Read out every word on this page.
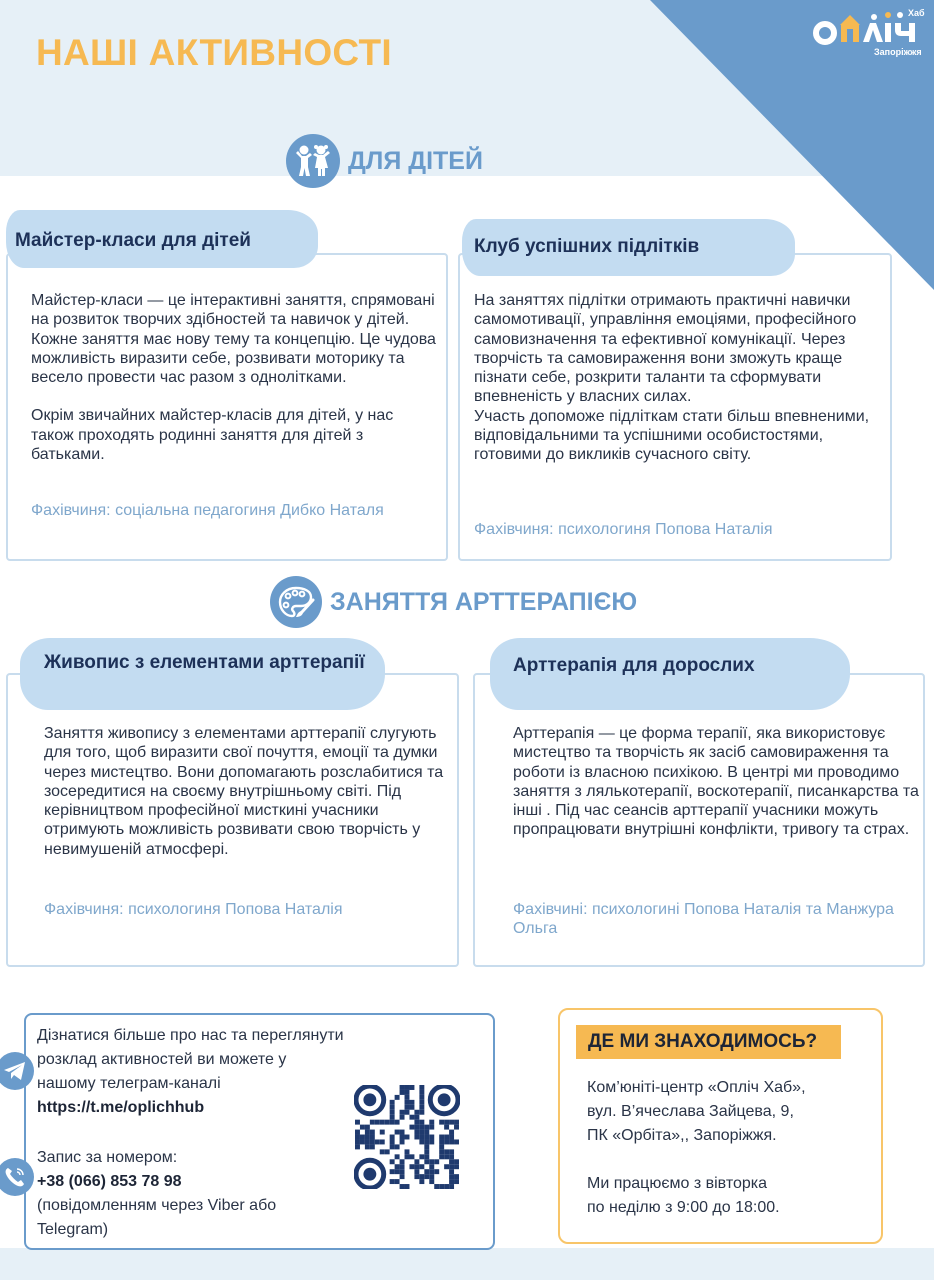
НАШІ АКТИВНОСТІ
Хаб
Запоріжжя
ДЛЯ ДІТЕЙ
Майстер-класи для дітей

Майстер-класи — це інтерактивні заняття, спрямовані на розвиток творчих здібностей та навичок у дітей. Кожне заняття має нову тему та концепцію. Це чудова можливість виразити себе, розвивати моторику та весело провести час разом з однолітками.

Окрім звичайних майстер-класів для дітей, у нас також проходять родинні заняття для дітей з батьками.

Фахівчиня: соціальна педагогиня Дибко Наталя
Клуб успішних підлітків

На заняттях підлітки отримають практичні навички самомотивації, управління емоціями, професійного самовизначення та ефективної комунікації. Через творчість та самовираження вони зможуть краще пізнати себе, розкрити таланти та сформувати впевненість у власних силах.

Участь допоможе підліткам стати більш впевненими, відповідальними та успішними особистостями, готовими до викликів сучасного світу.

Фахівчиня: психологиня Попова Наталія
ЗАНЯТТЯ АРТТЕРАПІЄЮ
Живопис з елементами арттерапії

Заняття живопису з елементами арттерапії слугують для того, щоб виразити свої почуття, емоції та думки через мистецтво. Вони допомагають розслабитися та зосередитися на своєму внутрішньому світі. Під керівництвом професійної мисткині учасники отримують можливість розвивати свою творчість у невимушеній атмосфері.

Фахівчиня: психологиня Попова Наталія
Арттерапія для дорослих

Арттерапія — це форма терапії, яка використовує мистецтво та творчість як засіб самовираження та роботи із власною психікою. В центрі ми проводимо заняття з лялькотерапії, воскотерапії, писанкарства та інші . Під час сеансів арттерапії учасники можуть пропрацювати внутрішні конфлікти, тривогу та страх.

Фахівчині: психологині Попова Наталія та Манжура Ольга
Дізнатися більше про нас та переглянути розклад активностей ви можете у нашому телеграм-каналі https://t.me/oplichhub
Запис за номером:
+38 (066) 853 78 98
(повідомленням через Viber або Telegram)
ДЕ МИ ЗНАХОДИМОСЬ?

Ком’юніті-центр «Опліч Хаб»,
вул. В’ячеслава Зайцева, 9,
ПК «Орбіта»,, Запоріжжя.

Ми працюємо з вівторка
по неділю з 9:00 до 18:00.
